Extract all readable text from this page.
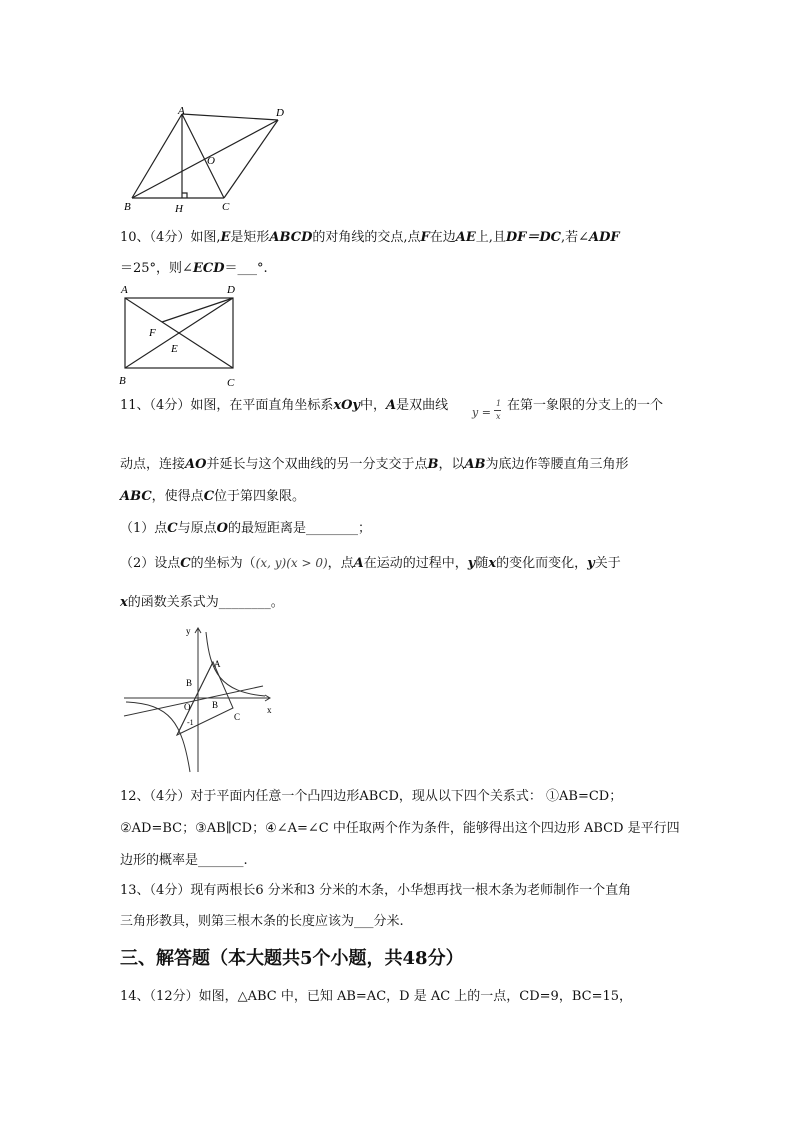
A	D
O
B	H	C
10、（4分）如图,E是矩形ABCD的对角线的交点,点F在边AE上,且DF＝DC,若∠ADF
＝25°，则∠ECD＝___°.
A	D
F
E
B	C
11、（4分）如图，在平面直角坐标系xOy中，A是双曲线 y =
1
x
在第一象限的分支上的一个
动点，连接AO并延长与这个双曲线的另一分支交于点B，以AB为底边作等腰直角三角形
ABC，使得点C位于第四象限。
（1）点C与原点O的最短距离是________；
（2）设点C的坐标为（(x, y)(x > 0)，点A在运动的过程中，y随x的变化而变化，y关于
x的函数关系式为________。
y
x
A
B
B
C
O
-1
12、（4分）对于平面内任意一个凸四边形ABCD，现从以下四个关系式： ①AB=CD；
②AD=BC；③AB∥CD；④∠A=∠C 中任取两个作为条件，能够得出这个四边形 ABCD 是平行四
边形的概率是_______.
13、（4分）现有两根长6 分米和3 分米的木条，小华想再找一根木条为老师制作一个直角
三角形教具，则第三根木条的长度应该为___分米.
三、解答题（本大题共5个小题，共48分）
14、（12分）如图，△ABC 中，已知 AB=AC，D 是 AC 上的一点，CD=9，BC=15，
